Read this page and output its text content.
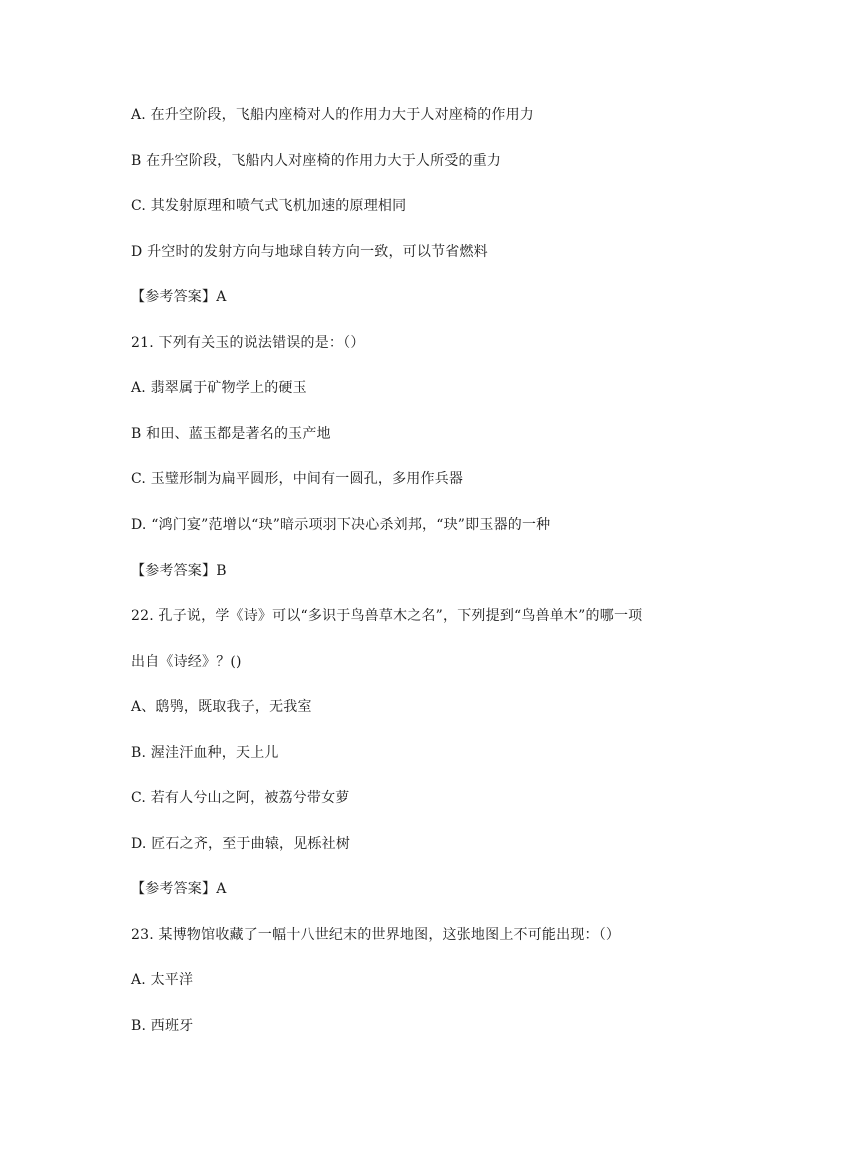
A. 在升空阶段，飞船内座椅对人的作用力大于人对座椅的作用力
B 在升空阶段，飞船内人对座椅的作用力大于人所受的重力
C. 其发射原理和喷气式飞机加速的原理相同
D 升空时的发射方向与地球自转方向一致，可以节省燃料
【参考答案】A
21. 下列有关玉的说法错误的是：（）
A. 翡翠属于矿物学上的硬玉
B 和田、蓝玉都是著名的玉产地
C. 玉璧形制为扁平圆形，中间有一圆孔，多用作兵器
D. “鸿门宴”范增以“玦”暗示项羽下决心杀刘邦，“玦”即玉器的一种
【参考答案】B
22. 孔子说，学《诗》可以“多识于鸟兽草木之名”，下列提到“鸟兽单木”的哪一项
出自《诗经》？()
A、鸱鸮，既取我子，无我室
B. 渥洼汗血种，天上儿
C. 若有人兮山之阿，被荔兮带女萝
D. 匠石之齐，至于曲辕，见栎社树
【参考答案】A
23. 某博物馆收藏了一幅十八世纪末的世界地图，这张地图上不可能出现：（）
A. 太平洋
B. 西班牙
